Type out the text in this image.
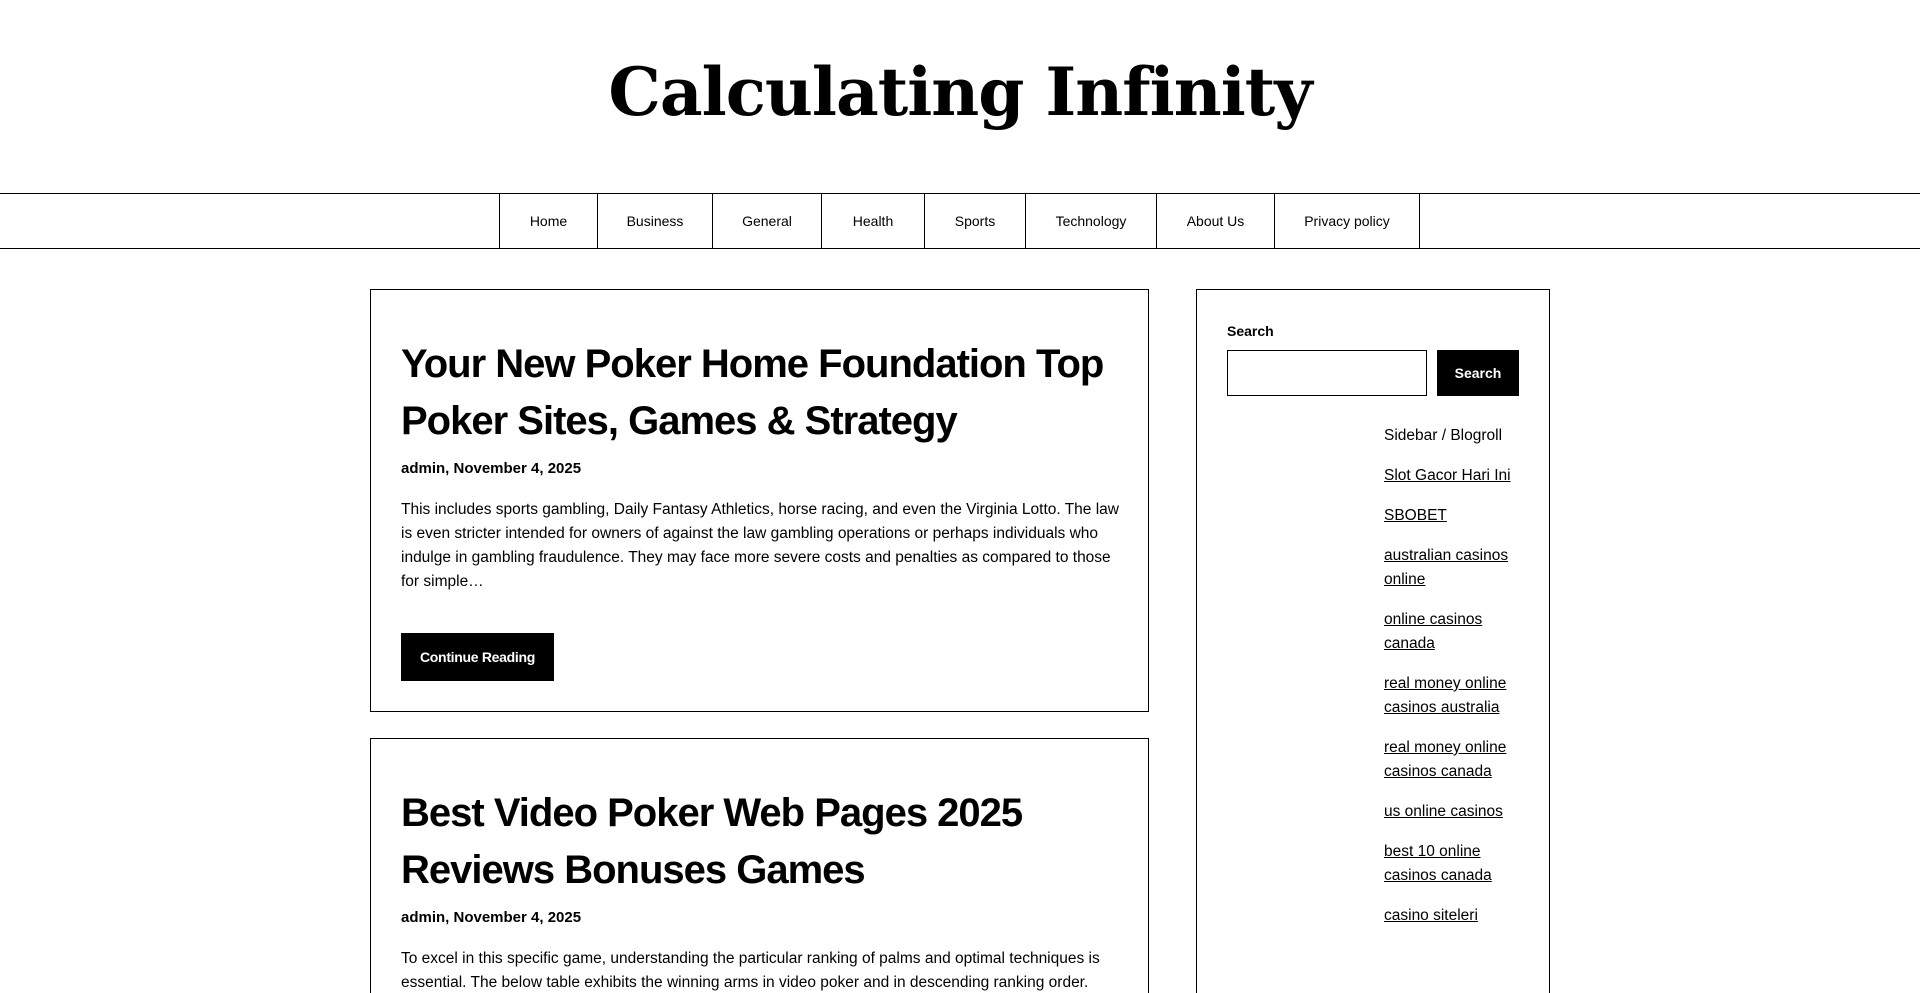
Calculating Infinity
Home	Business	General	Health	Sports	Technology	About Us	Privacy policy
Your New Poker Home Foundation Top Poker Sites, Games & Strategy
admin, November 4, 2025

This includes sports gambling, Daily Fantasy Athletics, horse racing, and even the Virginia Lotto. The law is even stricter intended for owners of against the law gambling operations or perhaps individuals who indulge in gambling fraudulence. They may face more severe costs and penalties as compared to those for simple…

Continue Reading
Best Video Poker Web Pages 2025 Reviews Bonuses Games
admin, November 4, 2025

To excel in this specific game, understanding the particular ranking of palms and optimal techniques is essential. The below table exhibits the winning arms in video poker and in descending ranking order.

Search
Search
Sidebar / Blogroll
Slot Gacor Hari Ini
SBOBET
australian casinos online
online casinos canada
real money online casinos australia
real money online casinos canada
us online casinos
best 10 online casinos canada
casino siteleri
